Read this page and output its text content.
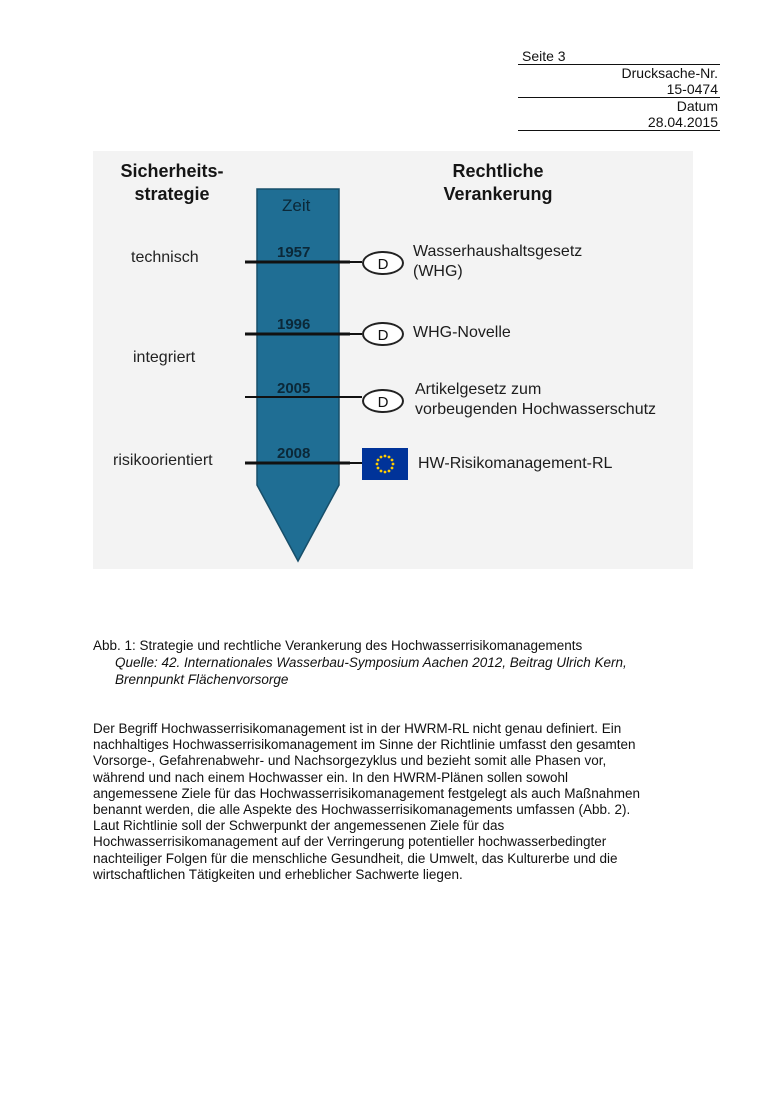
Seite 3
Drucksache-Nr.
15-0474
Datum
28.04.2015
Sicherheits-
strategie
Rechtliche
Verankerung
Zeit
technisch
integriert
risikoorientiert
1957
1996
2005
2008
D
D
D
Wasserhaushaltsgesetz
(WHG)
WHG-Novelle
Artikelgesetz zum
vorbeugenden Hochwasserschutz
HW-Risikomanagement-RL
Abb. 1: Strategie und rechtliche Verankerung des Hochwasserrisikomanagements
Quelle: 42. Internationales Wasserbau-Symposium Aachen 2012, Beitrag Ulrich Kern,
Brennpunkt Flächenvorsorge

Der Begriff Hochwasserrisikomanagement ist in der HWRM-RL nicht genau definiert. Ein
nachhaltiges Hochwasserrisikomanagement im Sinne der Richtlinie umfasst den gesamten
Vorsorge-, Gefahrenabwehr- und Nachsorgezyklus und bezieht somit alle Phasen vor,
während und nach einem Hochwasser ein. In den HWRM-Plänen sollen sowohl
angemessene Ziele für das Hochwasserrisikomanagement festgelegt als auch Maßnahmen
benannt werden, die alle Aspekte des Hochwasserrisikomanagements umfassen (Abb. 2).
Laut Richtlinie soll der Schwerpunkt der angemessenen Ziele für das
Hochwasserrisikomanagement auf der Verringerung potentieller hochwasserbedingter
nachteiliger Folgen für die menschliche Gesundheit, die Umwelt, das Kulturerbe und die
wirtschaftlichen Tätigkeiten und erheblicher Sachwerte liegen.
